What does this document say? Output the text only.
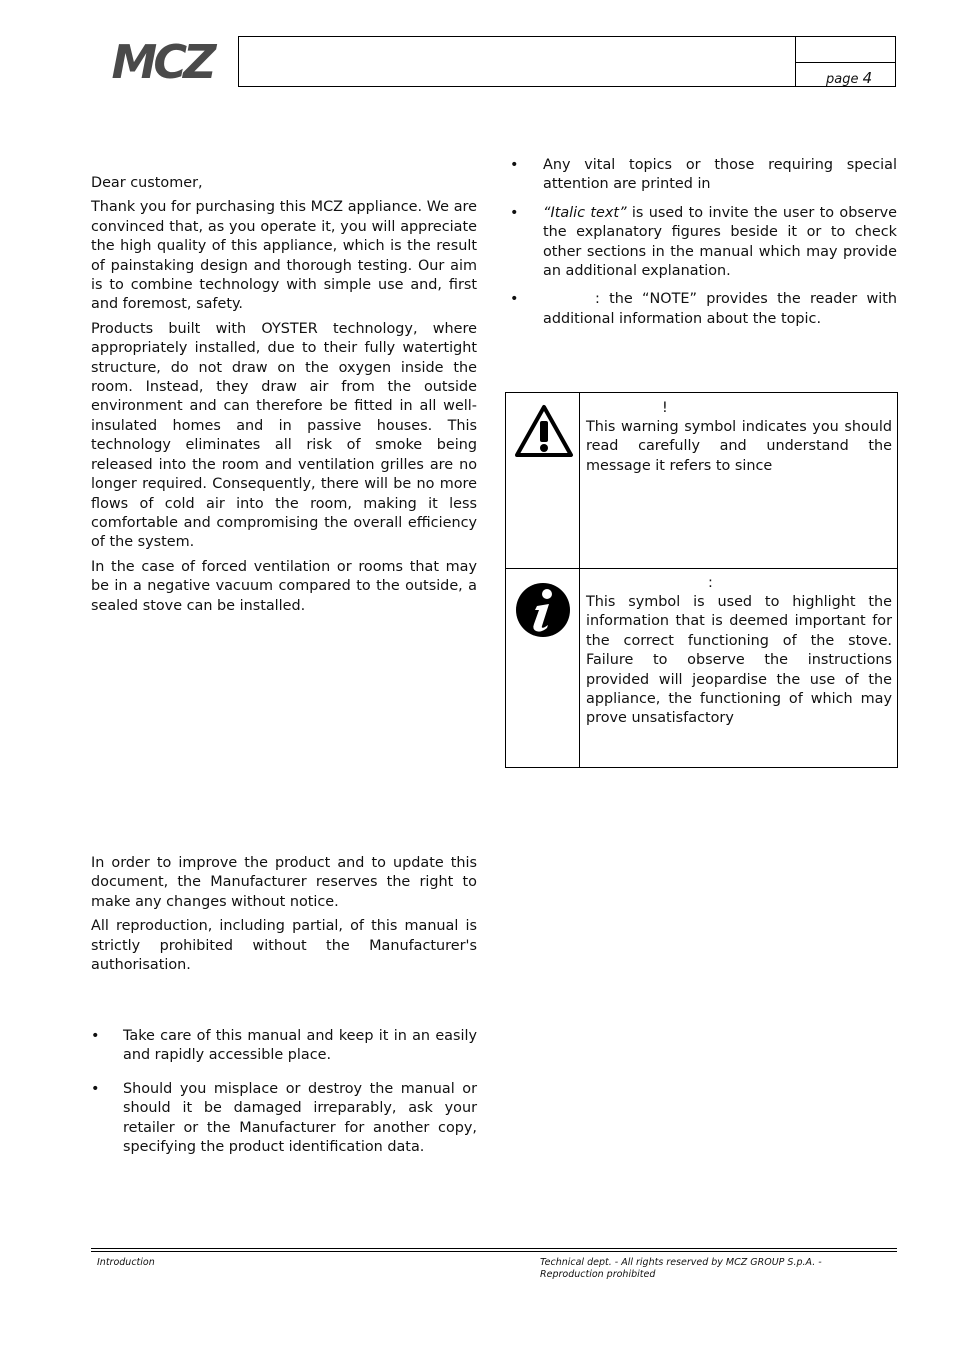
MCZ	page 4

Dear customer,

Thank you for purchasing this MCZ appliance. We are convinced that, as you operate it, you will appreciate the high quality of this appliance, which is the result of painstaking design and thorough testing. Our aim is to combine technology with simple use and, first and foremost, safety.

Products built with OYSTER technology, where appropriately installed, due to their fully watertight structure, do not draw on the oxygen inside the room. Instead, they draw air from the outside environment and can therefore be fitted in all well-insulated homes and in passive houses. This technology eliminates all risk of smoke being released into the room and ventilation grilles are no longer required. Consequently, there will be no more flows of cold air into the room, making it less comfortable and compromising the overall efficiency of the system.

In the case of forced ventilation or rooms that may be in a negative vacuum compared to the outside, a sealed stove can be installed.

In order to improve the product and to update this document, the Manufacturer reserves the right to make any changes without notice.

All reproduction, including partial, of this manual is strictly prohibited without the Manufacturer's authorisation.

• Take care of this manual and keep it in an easily and rapidly accessible place.
• Should you misplace or destroy the manual or should it be damaged irreparably, ask your retailer or the Manufacturer for another copy, specifying the product identification data.
• Any vital topics or those requiring special attention are printed in
• “Italic text” is used to invite the user to observe the explanatory figures beside it or to check other sections in the manual which may provide an additional explanation.
•	: the “NOTE” provides the reader with additional information about the topic.
!
This warning symbol indicates you should read carefully and understand the message it refers to since
:
This symbol is used to highlight the information that is deemed important for the correct functioning of the stove. Failure to observe the instructions provided will jeopardise the use of the appliance, the functioning of which may prove unsatisfactory
Introduction	Technical dept. - All rights reserved by MCZ GROUP S.p.A. - Reproduction prohibited
